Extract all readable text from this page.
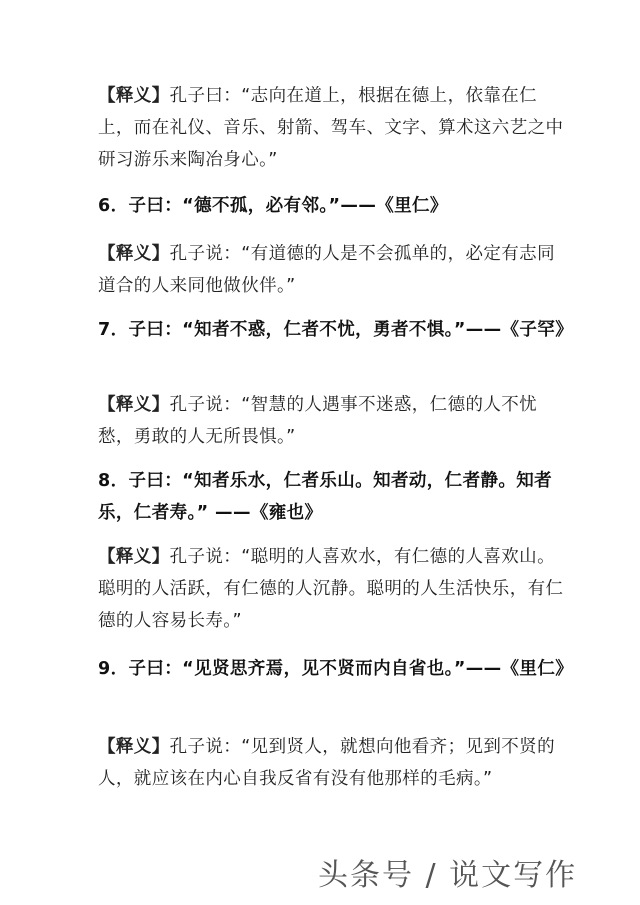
【释义】孔子曰：“志向在道上，根据在德上，依靠在仁上，而在礼仪、音乐、射箭、驾车、文字、算术这六艺之中研习游乐来陶冶身心。”

6．子曰：“德不孤，必有邻。”——《里仁》

【释义】孔子说：“有道德的人是不会孤单的，必定有志同道合的人来同他做伙伴。”

7．子曰：“知者不惑，仁者不忧，勇者不惧。”——《子罕》

【释义】孔子说：“智慧的人遇事不迷惑，仁德的人不忧愁，勇敢的人无所畏惧。”

8．子曰：“知者乐水，仁者乐山。知者动，仁者静。知者乐，仁者寿。” ——《雍也》

【释义】孔子说：“聪明的人喜欢水，有仁德的人喜欢山。聪明的人活跃，有仁德的人沉静。聪明的人生活快乐，有仁德的人容易长寿。”

9．子曰：“见贤思齐焉，见不贤而内自省也。”——《里仁》

【释义】孔子说：“见到贤人，就想向他看齐；见到不贤的人，就应该在内心自我反省有没有他那样的毛病。”

头条号 / 说文写作
